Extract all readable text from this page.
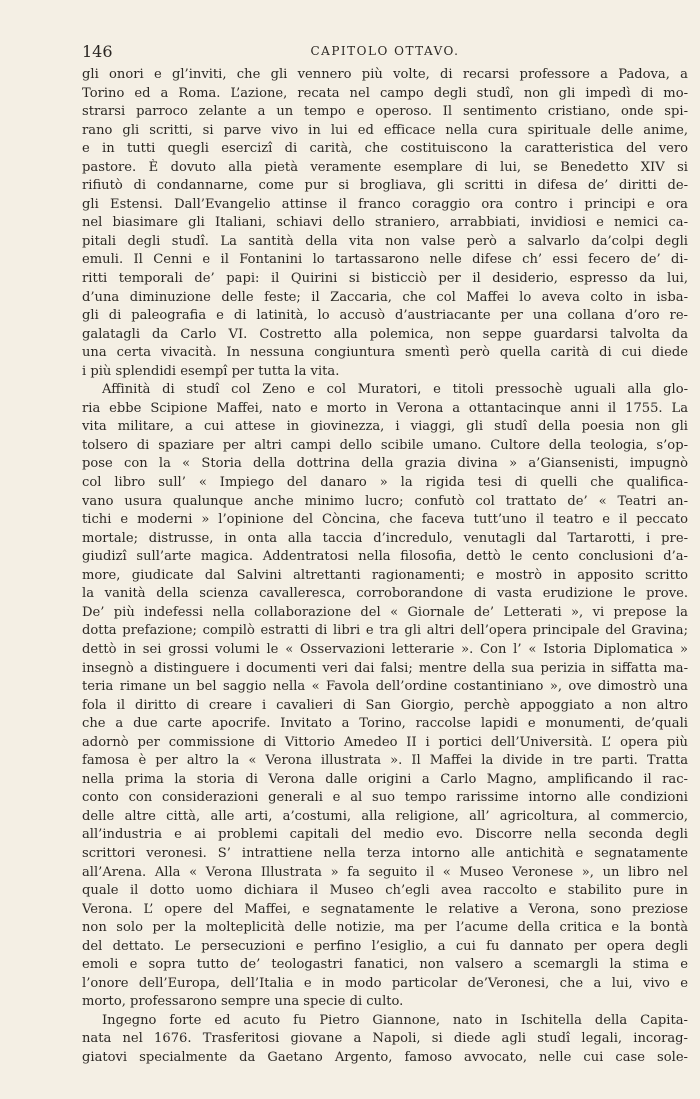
146	CAPITOLO OTTAVO.
gli onori e gl’inviti, che gli vennero più volte, di recarsi professore a Padova, a
Torino ed a Roma. L’azione, recata nel campo degli studî, non gli impedì di mo-
strarsi parroco zelante a un tempo e operoso. Il sentimento cristiano, onde spi-
rano gli scritti, si parve vivo in lui ed efficace nella cura spirituale delle anime,
e in tutti quegli esercizî di carità, che costituiscono la caratteristica del vero
pastore. È dovuto alla pietà veramente esemplare di lui, se Benedetto XIV si
rifiutò di condannarne, come pur si brogliava, gli scritti in difesa de’ diritti de-
gli Estensi. Dall’Evangelio attinse il franco coraggio ora contro i principi e ora
nel biasimare gli Italiani, schiavi dello straniero, arrabbiati, invidiosi e nemici ca-
pitali degli studî. La santità della vita non valse però a salvarlo da’colpi degli
emuli. Il Cenni e il Fontanini lo tartassarono nelle difese ch’ essi fecero de’ di-
ritti temporali de’ papi: il Quirini si bisticciò per il desiderio, espresso da lui,
d’una diminuzione delle feste; il Zaccaria, che col Maffei lo aveva colto in isba-
gli di paleografia e di latinità, lo accusò d’austriacante per una collana d’oro re-
galatagli da Carlo VI. Costretto alla polemica, non seppe guardarsi talvolta da
una certa vivacità. In nessuna congiuntura smentì però quella carità di cui diede
i più splendidi esempî per tutta la vita.
Affinità di studî col Zeno e col Muratori, e titoli pressochè uguali alla glo-
ria ebbe Scipione Maffei, nato e morto in Verona a ottantacinque anni il 1755. La
vita militare, a cui attese in giovinezza, i viaggi, gli studî della poesia non gli
tolsero di spaziare per altri campi dello scibile umano. Cultore della teologia, s’op-
pose con la « Storia della dottrina della grazia divina » a’Giansenisti, impugnò
col libro sull’ « Impiego del danaro » la rigida tesi di quelli che qualifica-
vano usura qualunque anche minimo lucro; confutò col trattato de’ « Teatri an-
tichi e moderni » l’opinione del Còncina, che faceva tutt’uno il teatro e il peccato
mortale; distrusse, in onta alla taccia d’incredulo, venutagli dal Tartarotti, i pre-
giudizî sull’arte magica. Addentratosi nella filosofia, dettò le cento conclusioni d’a-
more, giudicate dal Salvini altrettanti ragionamenti; e mostrò in apposito scritto
la vanità della scienza cavalleresca, corroborandone di vasta erudizione le prove.
De’ più indefessi nella collaborazione del « Giornale de’ Letterati », vi prepose la
dotta prefazione; compilò estratti di libri e tra gli altri dell’opera principale del Gravina;
dettò in sei grossi volumi le « Osservazioni letterarie ». Con l’ « Istoria Diplomatica »
insegnò a distinguere i documenti veri dai falsi; mentre della sua perizia in siffatta ma-
teria rimane un bel saggio nella « Favola dell’ordine costantiniano », ove dimostrò una
fola il diritto di creare i cavalieri di San Giorgio, perchè appoggiato a non altro
che a due carte apocrife. Invitato a Torino, raccolse lapidi e monumenti, de’quali
adornò per commissione di Vittorio Amedeo II i portici dell’Università. L’ opera più
famosa è per altro la « Verona illustrata ». Il Maffei la divide in tre parti. Tratta
nella prima la storia di Verona dalle origini a Carlo Magno, amplificando il rac-
conto con considerazioni generali e al suo tempo rarissime intorno alle condizioni
delle altre città, alle arti, a’costumi, alla religione, all’ agricoltura, al commercio,
all’industria e ai problemi capitali del medio evo. Discorre nella seconda degli
scrittori veronesi. S’ intrattiene nella terza intorno alle antichità e segnatamente
all’Arena. Alla « Verona Illustrata » fa seguito il « Museo Veronese », un libro nel
quale il dotto uomo dichiara il Museo ch’egli avea raccolto e stabilito pure in
Verona. L’ opere del Maffei, e segnatamente le relative a Verona, sono preziose
non solo per la molteplicità delle notizie, ma per l’acume della critica e la bontà
del dettato. Le persecuzioni e perfino l’esiglio, a cui fu dannato per opera degli
emoli e sopra tutto de’ teologastri fanatici, non valsero a scemargli la stima e
l’onore dell’Europa, dell’Italia e in modo particolar de’Veronesi, che a lui, vivo e
morto, professarono sempre una specie di culto.
Ingegno forte ed acuto fu Pietro Giannone, nato in Ischitella della Capita-
nata nel 1676. Trasferitosi giovane a Napoli, si diede agli studî legali, incorag-
giatovi specialmente da Gaetano Argento, famoso avvocato, nelle cui case sole-
